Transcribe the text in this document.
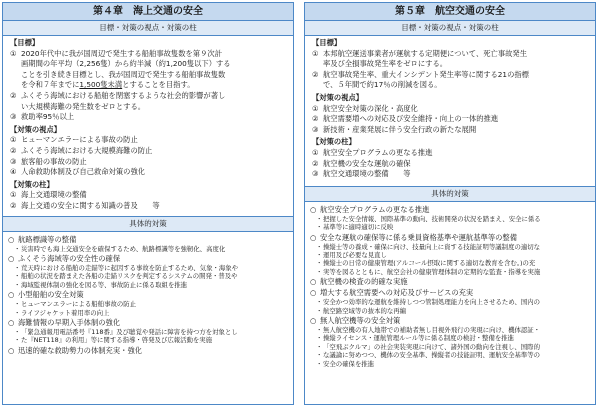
第４章　海上交通の安全
目標・対策の視点・対策の柱
【目標】
① 2020年代中に我が国周辺で発生する船舶事故隻数を第９次計
画期間の年平均（2,256隻）から約半減（約1,200隻以下）する
ことを引き続き目標とし、我が国周辺で発生する船舶事故隻数
を令和７年までに1,500隻未満とすることを目指す。
② ふくそう海域における船舶を閉塞するような社会的影響が著し
い大規模海難の発生数をゼロとする。
③ 救助率95％以上
【対策の視点】
① ヒューマンエラーによる事故の防止
② ふくそう海域における大規模海難の防止
③ 旅客船の事故の防止
④ 人命救助体制及び自己救命対策の強化
【対策の柱】
① 海上交通環境の整備
② 海上交通の安全に関する知識の普及　　等
具体的対策
○ 航路標識等の整備
・ 災害時でも海上交通安全を確保するため、航路標識等を強靭化、高度化
○ ふくそう海域等の安全性の確保
・ 荒天時における船舶の走錨等に起因する事故を防止するため、気象・海象や
・ 船舶の状況を踏まえた各船の走錨リスクを判定するシステムの開発・普及や
・ 海域監視体制の強化を図る等、事故防止に係る取組を推進
○ 小型船舶の安全対策
・ ヒューマンエラーによる船舶事故の防止
・ ライフジャケット着用率の向上
○ 海難情報の早期入手体制の強化
・ 「緊急通報用電話番号『118番』及び聴覚や発話に障害を持つ方を対象とし
・ た『NET118』の利用」等に関する指導・啓発及び広報活動を実施
○ 迅速的確な救助勢力の体制充実・強化
第５章　航空交通の安全
目標・対策の視点・対策の柱
【目標】
① 本邦航空運送事業者が運航する定期便について、死亡事故発生
率及び全損事故発生率をゼロにする。
② 航空事故発生率、重大インシデント発生率等に関する21の指標
で、５年間で約17％の削減を図る。
【対策の視点】
① 航空安全対策の深化・高度化
② 航空需要増への対応及び安全維持・向上の一体的推進
③ 新技術・産業発展に伴う安全行政の新たな展開
【対策の柱】
① 航空安全プログラムの更なる推進
② 航空機の安全な運航の確保
③ 航空交通環境の整備　　等
具体的対策
○ 航空安全プログラムの更なる推進
・ 把握した安全情報、国際基準の動向、技術開発の状況を踏まえ、安全に係る
・ 基準等に適時適切に反映
○ 安全な運航の確保等に係る乗員資格基準や運航基準等の整備
・ 操縦士等の養成・確保に向け、技量向上に資する技能証明等議制度の適切な
・ 運用及び必要な見直し
・ 操縦士の日常の健康管理(アルコール摂取に関する適切な教育を含む。)の充
・ 実等を図るとともに、航空会社の健康管理体制の定期的な監査・指導を実施
○ 航空機の検査の的確な実施
○ 増大する航空需要への対応及びサービスの充実
・ 安全かつ効率的な運航を維持しつつ管制処理能力を向上させるため、国内の
・ 航空路空域等の抜本的な再編
○ 無人航空機等の安全対策
・ 無人航空機の有人地帯での補助者無し目視外飛行の実現に向け、機体認証・
・ 操縦ライセンス・運航管理ルール等に係る制度の検討・整備を推進
・ 「空飛ぶクルマ」の社会実装実現に向けて、諸外国の動向を注視し、国際的
・ な議論に努めつつ、機体の安全基準、操縦者の技能証明、運航安全基準等の
・ 安全の確保を推進
